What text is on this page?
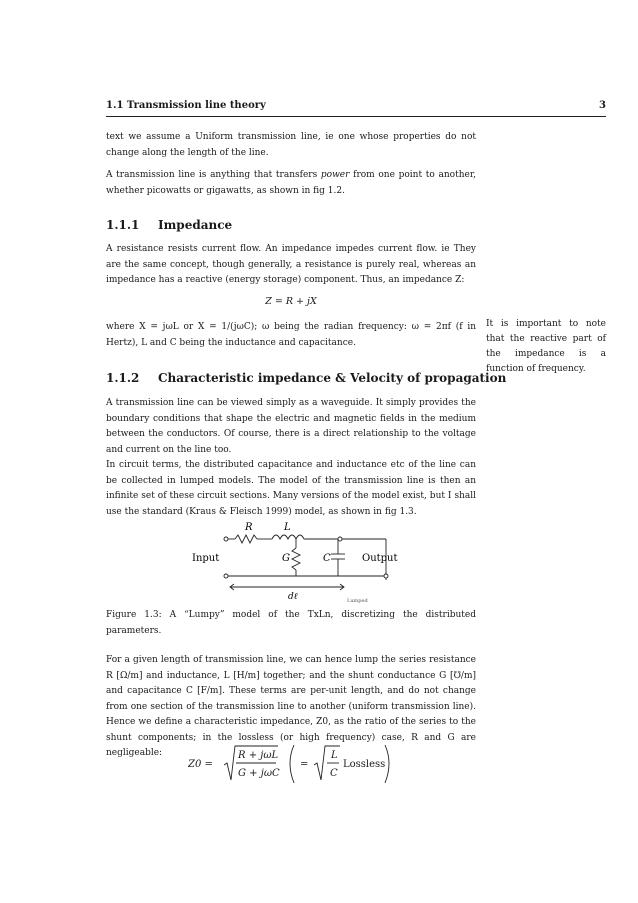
1.1 Transmission line theory	3
text we assume a Uniform transmission line, ie one whose properties do not change along the length of the line.
A transmission line is anything that transfers power from one point to another, whether picowatts or gigawatts, as shown in fig 1.2.
1.1.1 Impedance
A resistance resists current flow. An impedance impedes current flow. ie They are the same concept, though generally, a resistance is purely real, whereas an impedance has a reactive (energy storage) component. Thus, an impedance Z:
Z = R + jX
where X = jωL or X = 1/(jωC); ω being the radian frequency: ω = 2πf (f in Hertz), L and C being the inductance and capacitance.
It is important to note that the reactive part of the impedance is a function of frequency.
1.1.2 Characteristic impedance & Velocity of propagation
A transmission line can be viewed simply as a waveguide. It simply provides the boundary conditions that shape the electric and magnetic fields in the medium between the conductors. Of course, there is a direct relationship to the voltage and current on the line too.
In circuit terms, the distributed capacitance and inductance etc of the line can be collected in lumped models. The model of the transmission line is then an infinite set of these circuit sections. Many versions of the model exist, but I shall use the standard (Kraus & Fleisch 1999) model, as shown in fig 1.3.
R	L
G	C
Input	Output
dℓ	Lumped
Figure 1.3: A “Lumpy” model of the TxLn, discretizing the distributed parameters.
For a given length of transmission line, we can hence lump the series resistance R [Ω/m] and inductance, L [H/m] together; and the shunt conductance G [℧/m] and capacitance C [F/m]. These terms are per-unit length, and do not change from one section of the transmission line to another (uniform transmission line). Hence we define a characteristic impedance, Z0, as the ratio of the series to the shunt components; in the lossless (or high frequency) case, R and G are negligeable:
Z0 =
R + jωL
G + jωC
=
L
C
Lossless
